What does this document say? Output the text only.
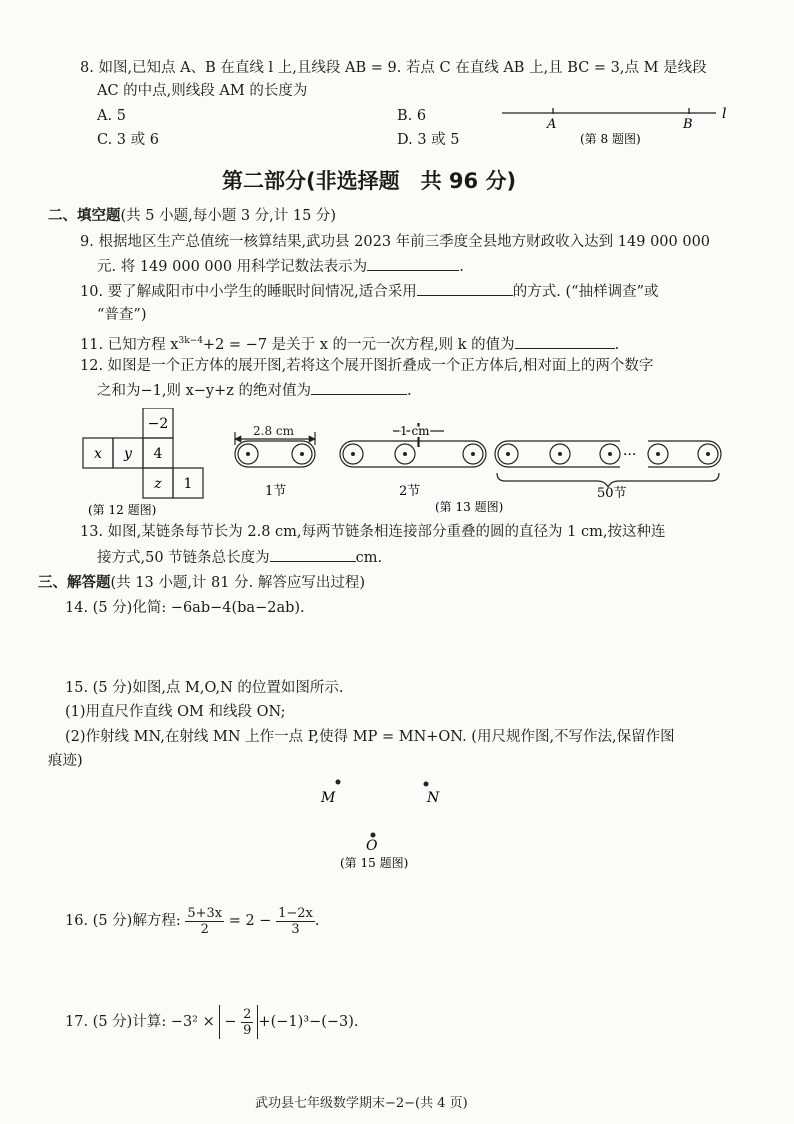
8. 如图,已知点 A、B 在直线 l 上,且线段 AB = 9. 若点 C 在直线 AB 上,且 BC = 3,点 M 是线段
AC 的中点,则线段 AM 的长度为
A. 5	B. 6
C. 3 或 6	D. 3 或 5
l
A	B
(第 8 题图)
第二部分(非选择题　共 96 分)
二、填空题(共 5 小题,每小题 3 分,计 15 分)
9. 根据地区生产总值统一核算结果,武功县 2023 年前三季度全县地方财政收入达到 149 000 000
元. 将 149 000 000 用科学记数法表示为	.
10. 要了解咸阳市中小学生的睡眠时间情况,适合采用	的方式. (“抽样调查”或
“普查”)
11. 已知方程 $x^{3k-4}+2 = -7$ 是关于 x 的一元一次方程,则 k 的值为	.
12. 如图是一个正方体的展开图,若将这个展开图折叠成一个正方体后,相对面上的两个数字
之和为−1,则 x−y+z 的绝对值为	.
x y 4
−2
z 1
(第 12 题图)
2.8 cm	1 cm
···
1节	2节	50节
(第 13 题图)
13. 如图,某链条每节长为 2.8 cm,每两节链条相连接部分重叠的圆的直径为 1 cm,按这种连
接方式,50 节链条总长度为	cm.
三、解答题(共 13 小题,计 81 分. 解答应写出过程)
14. (5 分)化简: −6ab−4(ba−2ab).
15. (5 分)如图,点 M,O,N 的位置如图所示.
(1)用直尺作直线 OM 和线段 ON;
(2)作射线 MN,在射线 MN 上作一点 P,使得 MP = MN+ON. (用尺规作图,不写作法,保留作图
痕迹)
M	N
O
(第 15 题图)
16. (5 分)解方程: $\frac{5+3x}{2} = 2 - \frac{1-2x}{3}$ .
17. (5 分)计算: −3² × − $\frac{2}{9} +(-1)^3-(-3)$.
武功县七年级数学期末−2−(共 4 页)
